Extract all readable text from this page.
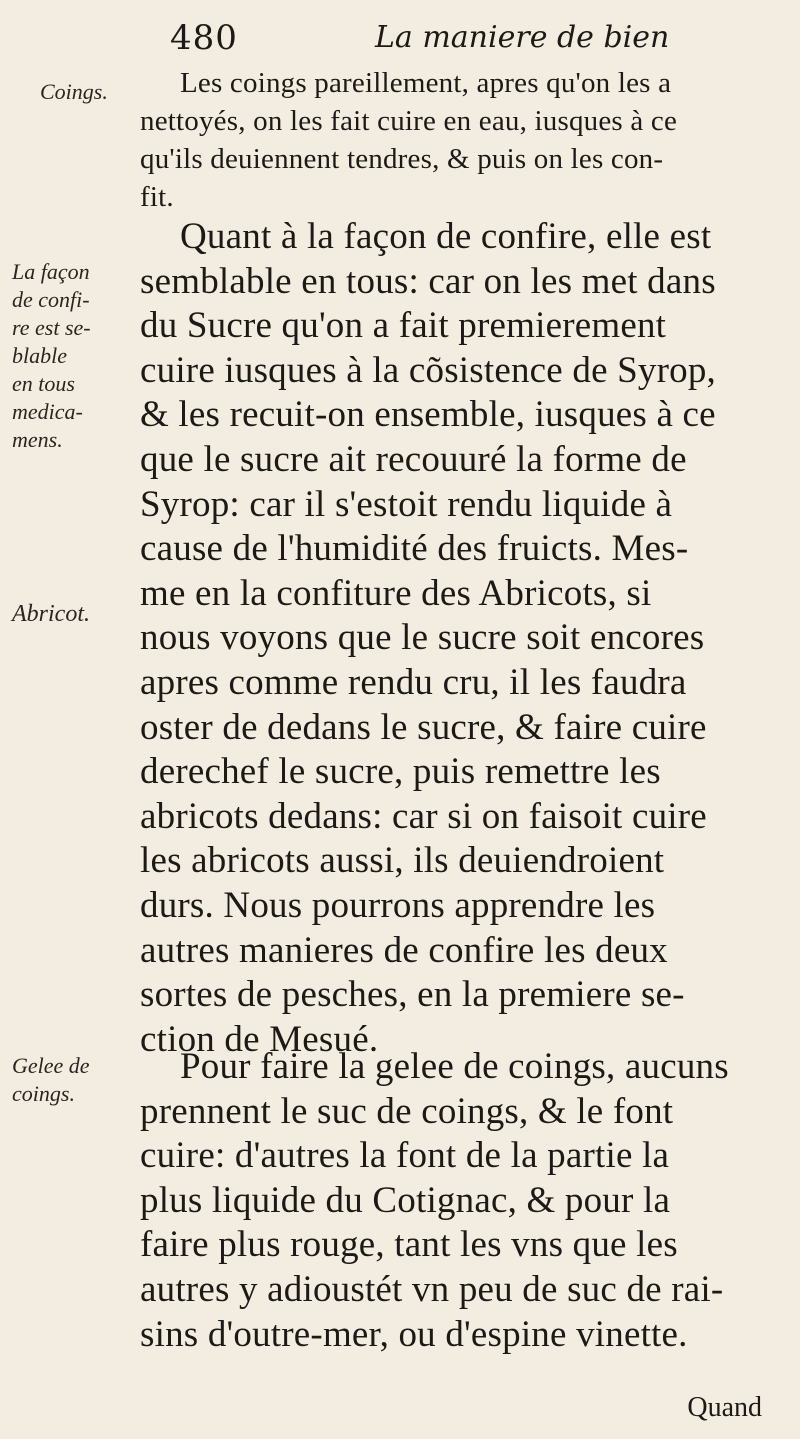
480	La maniere de bien
Coings.
La façon
de confi-
re est se-
blable
en tous
medica-
mens.
Abricot.
Gelee de
coings.
Les coings pareillement, apres qu'on les a
nettoyés, on les fait cuire en eau, iusques à ce
qu'ils deuiennent tendres, & puis on les con-
fit.
Quant à la façon de confire, elle est
semblable en tous: car on les met dans
du Sucre qu'on a fait premierement
cuire iusques à la cõsistence de Syrop,
& les recuit-on ensemble, iusques à ce
que le sucre ait recouuré la forme de
Syrop: car il s'estoit rendu liquide à
cause de l'humidité des fruicts. Mes-
me en la confiture des Abricots, si
nous voyons que le sucre soit encores
apres comme rendu cru, il les faudra
oster de dedans le sucre, & faire cuire
derechef le sucre, puis remettre les
abricots dedans: car si on faisoit cuire
les abricots aussi, ils deuiendroient
durs. Nous pourrons apprendre les
autres manieres de confire les deux
sortes de pesches, en la premiere se-
ction de Mesué.
Pour faire la gelee de coings, aucuns
prennent le suc de coings, & le font
cuire: d'autres la font de la partie la
plus liquide du Cotignac, & pour la
faire plus rouge, tant les vns que les
autres y adioustét vn peu de suc de rai-
sins d'outre-mer, ou d'espine vinette.
Quand
